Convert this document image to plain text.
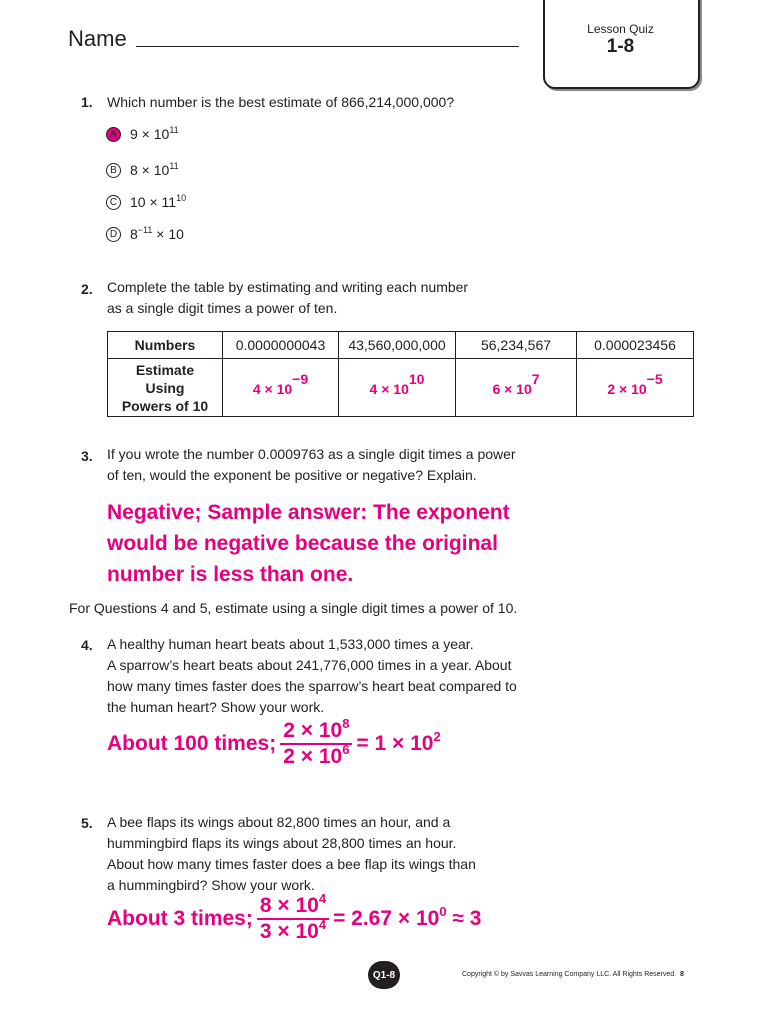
Name	Lesson Quiz
1-8
1. Which number is the best estimate of 866,214,000,000?
A $9 \times 10^{11}$
B $8 \times 10^{11}$
C $10 \times 11^{10}$
D $8^{-11} \times 10$
2. Complete the table by estimating and writing each number
as a single digit times a power of ten.
Numbers	0.0000000043	43,560,000,000	56,234,567	0.000023456

Estimate
Using
Powers of 10	$4 \times 10^{-9}$	$4 \times 10^{10}$	$6 \times 10^7$	$2 \times 10^{-5}$
3. If you wrote the number 0.0009763 as a single digit times a power
of ten, would the exponent be positive or negative? Explain.
Negative; Sample answer: The exponent
would be negative because the original
number is less than one.
For Questions 4 and 5, estimate using a single digit times a power of 10.
4. A healthy human heart beats about 1,533,000 times a year.
A sparrow’s heart beats about 241,776,000 times in a year. About
how many times faster does the sparrow’s heart beat compared to
the human heart? Show your work.
About 100 times; $\frac{2 \times 10^8}{2 \times 10^6} = 1 \times 10^2$
5. A bee flaps its wings about 82,800 times an hour, and a
hummingbird flaps its wings about 28,800 times an hour.
About how many times faster does a bee flap its wings than
a hummingbird? Show your work.
About 3 times; $\frac{8 \times 10^4}{3 \times 10^4} = 2.67 \times 10^0 \approx 3$
Q1-8	Copyright © by Savvas Learning Company LLC. All Rights Reserved. 8
